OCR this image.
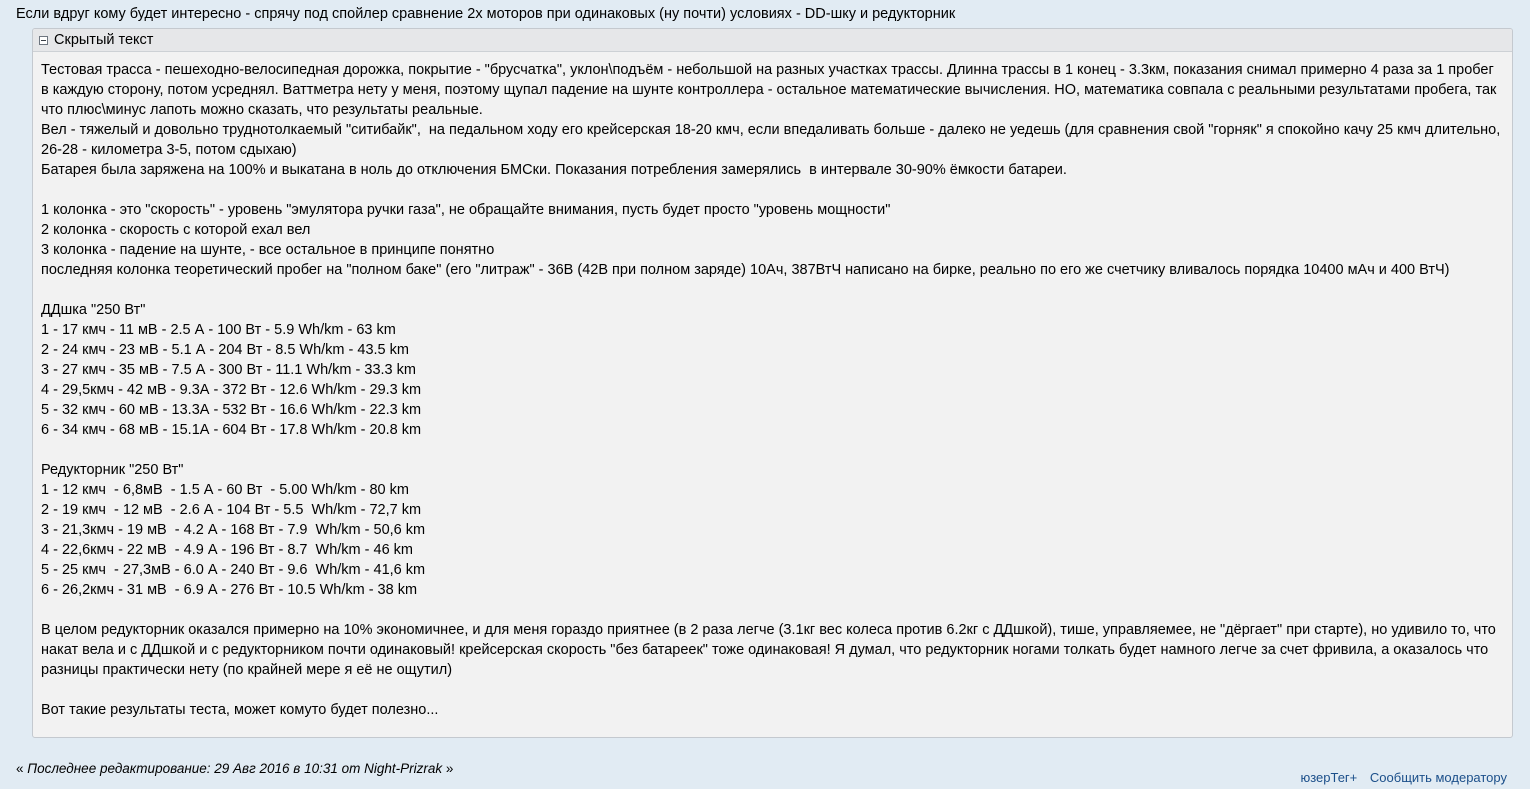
Если вдруг кому будет интересно - спрячу под спойлер сравнение 2х моторов при одинаковых (ну почти) условиях - DD-шку и редукторник
Скрытый текст
Тестовая трасса - пешеходно-велосипедная дорожка, покрытие - "брусчатка", уклон\подъём - небольшой на разных участках трассы. Длинна трассы в 1 конец - 3.3км, показания снимал примерно 4 раза за 1 пробег в каждую сторону, потом усреднял. Ваттметра нету у меня, поэтому щупал падение на шунте контроллера - остальное математические вычисления. НО, математика совпала с реальными результатами пробега, так что плюс\минус лапоть можно сказать, что результаты реальные.
Вел - тяжелый и довольно труднотолкаемый "ситибайк",  на педальном ходу его крейсерская 18-20 кмч, если впедаливать больше - далеко не уедешь (для сравнения свой "горняк" я спокойно качу 25 кмч длительно, 26-28 - километра 3-5, потом сдыхаю)
Батарея была заряжена на 100% и выкатана в ноль до отключения БМСки. Показания потребления замерялись  в интервале 30-90% ёмкости батареи.
1 колонка - это "скорость" - уровень "эмулятора ручки газа", не обращайте внимания, пусть будет просто "уровень мощности"
2 колонка - скорость с которой ехал вел
3 колонка - падение на шунте, - все остальное в принципе понятно
последняя колонка теоретический пробег на "полном баке" (его "литраж" - 36В (42В при полном заряде) 10Ач, 387ВтЧ написано на бирке, реально по его же счетчику вливалось порядка 10400 мАч и 400 ВтЧ)
ДДшка "250 Вт"
1 - 17 кмч - 11 мВ - 2.5 А - 100 Вт - 5.9 Wh/km - 63 km
2 - 24 кмч - 23 мВ - 5.1 А - 204 Вт - 8.5 Wh/km - 43.5 km
3 - 27 кмч - 35 мВ - 7.5 А - 300 Вт - 11.1 Wh/km - 33.3 km
4 - 29,5кмч - 42 мВ - 9.3А - 372 Вт - 12.6 Wh/km - 29.3 km
5 - 32 кмч - 60 мВ - 13.3А - 532 Вт - 16.6 Wh/km - 22.3 km
6 - 34 кмч - 68 мВ - 15.1А - 604 Вт - 17.8 Wh/km - 20.8 km
Редукторник "250 Вт"
1 - 12 кмч  - 6,8мВ  - 1.5 А - 60 Вт  - 5.00 Wh/km - 80 km
2 - 19 кмч  - 12 мВ  - 2.6 А - 104 Вт - 5.5  Wh/km - 72,7 km
3 - 21,3кмч - 19 мВ  - 4.2 А - 168 Вт - 7.9  Wh/km - 50,6 km
4 - 22,6кмч - 22 мВ  - 4.9 А - 196 Вт - 8.7  Wh/km - 46 km
5 - 25 кмч  - 27,3мВ - 6.0 А - 240 Вт - 9.6  Wh/km - 41,6 km
6 - 26,2кмч - 31 мВ  - 6.9 А - 276 Вт - 10.5 Wh/km - 38 km
В целом редукторник оказался примерно на 10% экономичнее, и для меня гораздо приятнее (в 2 раза легче (3.1кг вес колеса против 6.2кг с ДДшкой), тише, управляемее, не "дёргает" при старте), но удивило то, что накат вела и с ДДшкой и с редукторником почти одинаковый! крейсерская скорость "без батареек" тоже одинаковая! Я думал, что редукторник ногами толкать будет намного легче за счет фривила, а оказалось что разницы практически нету (по крайней мере я её не ощутил)
Вот такие результаты теста, может комуто будет полезно...
« Последнее редактирование: 29 Авг 2016 в 10:31 от Night-Prizrak »
юзерТег+ Сообщить модератору
